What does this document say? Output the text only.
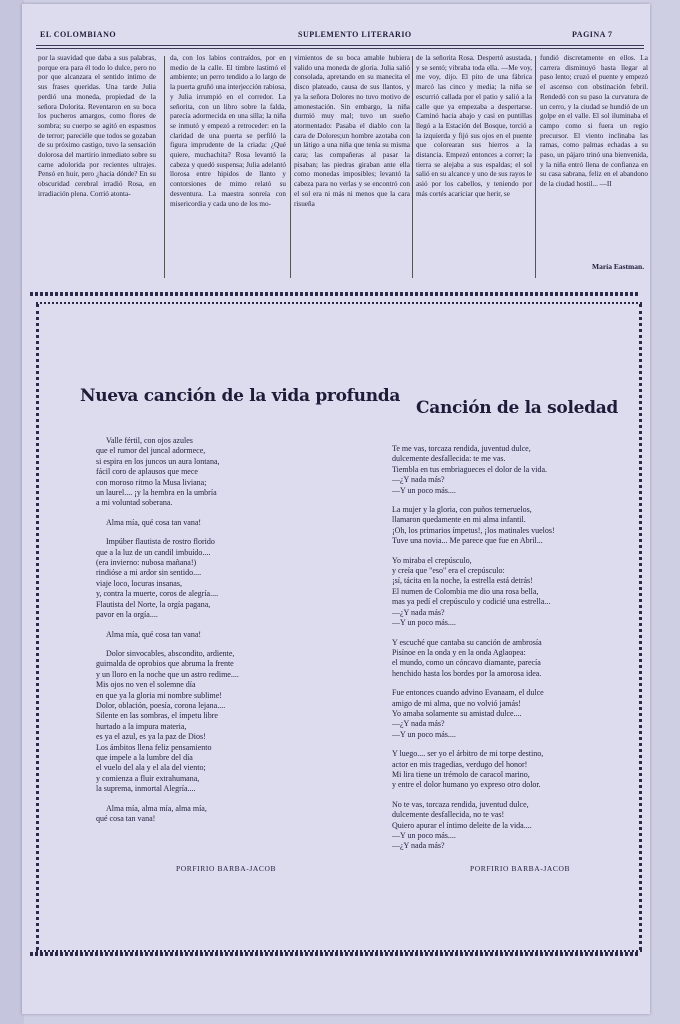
EL COLOMBIANO	SUPLEMENTO LITERARIO	PAGINA 7

por la suavidad que daba a sus palabras, porque era para él todo lo dulce, pero no por que alcanzara el sentido íntimo de sus frases queridas. Una tarde Julia perdió una moneda, propiedad de la señora Dolorita. Reventaron en su boca los pucheros amargos, como flores de sombra; su cuerpo se agitó en espasmos de terror; pareciéle que todos se gozaban de su próximo castigo, tuvo la sensación dolorosa del martirio inmediato sobre su carne adolorida por recientes ultrajes. Pensó en huir, pero ¿hacia dónde? En su obscuridad cerebral irradió Rosa, en irradiación plena. Corrió atonta-

da, con los labios contraídos, por en medio de la calle. El timbre lastimó el ambiente; un perro tendido a lo largo de la puerta gruñó una interjección rabiosa, y Julia irrumpió en el corredor. La señorita, con un libro sobre la falda, parecía adormecida en una silla; la niña se inmutó y empezó a retroceder: en la claridad de una puerta se perfiló la figura imprudente de la criada: ¿Qué quiere, muchachita? Rosa levantó la cabeza y quedó suspensa; Julia adelantó llorosa entre hipidos de llanto y contorsiones de mimo relató su desventura. La maestra sonreía con misericordia y cada uno de los mo-

vimientos de su boca amable hubiera valido una moneda de gloria. Julia salió consolada, apretando en su manecita el disco plateado, causa de sus llantos, y ya la señora Dolores no tuvo motivo de amonestación. Sin embargo, la niña durmió muy mal; tuvo un sueño atormentado: Pasaba el diablo con la cara de Dolores;un hombre azotaba con un látigo a una niña que tenía su misma cara; las compañeras al pasar la pisaban; las piedras giraban ante ella como monedas imposibles; levantó la cabeza para no verlas y se encontró con el sol era ni más ni menos que la cara risueña

de la señorita Rosa. Despertó asustada, y se sentó; vibraba toda ella. —Me voy, me voy, dijo. El pito de una fábrica marcó las cinco y media; la niña se escurrió callada por el patio y salió a la calle que ya empezaba a despertarse. Caminó hacia abajo y casi en puntillas llegó a la Estación del Bosque, torció a la izquierda y fijó sus ojos en el puente que colorearan sus hierros a la distancia. Empezó entonces a correr; la tierra se alejaba a sus espaldas; el sol salió en su alcance y uno de sus rayos le asió por los cabellos, y teniendo por más cortés acariciar que herir, se

fundió discretamente en ellos. La carrera disminuyó hasta llegar al paso lento; cruzó el puente y empezó el ascenso con obstinación febril. Rendedó con su paso la curvatura de un cerro, y la ciudad se hundió de un golpe en el valle. El sol iluminaba el campo como si fuera un regio precursor. El viento inclinaba las ramas, como palmas echadas a su paso, un pájaro trinó una bienvenida, y la niña entró llena de confianza en su casa sabrana, feliz en el abandono de la ciudad hostil... —II

María Eastman.
Nueva canción de la vida profunda
Valle fértil, con ojos azules
que el rumor del juncal adormece,
si espira en los juncos un aura lontana,
fácil coro de aplausos que mece
con moroso ritmo la Musa liviana;
un laurel.... ¡y la hembra en la umbría
a mi voluntad soberana.
Alma mía, qué cosa tan vana!
Impúber flautista de rostro florido
que a la luz de un candil imbuído....
(era invierno: nubosa mañana!)
rindióse a mi ardor sin sentido....
viaje loco, locuras insanas,
y, contra la muerte, coros de alegría....
Flautista del Norte, la orgía pagana,
pavor en la orgía....
Alma mía, qué cosa tan vana!
Dolor sinvocables, abscondito, ardiente,
guirnalda de oprobios que abruma la frente
y un lloro en la noche que un astro redime....
Mis ojos no ven el solemne día
en que ya la gloria mi nombre sublime!
Dolor, oblación, poesía, corona lejana....
Silente en las sombras, el ímpetu libre
hurtado a la impura materia,
es ya el azul, es ya la paz de Dios!
Los ámbitos llena feliz pensamiento
que impele a la lumbre del día
el vuelo del ala y el ala del viento;
y comienza a fluir extrahumana,
la suprema, inmortal Alegría....
Alma mía, alma mía, alma mía,
qué cosa tan vana!
PORFIRIO BARBA-JACOB
Canción de la soledad
Te me vas, torcaza rendida, juventud dulce,
dulcemente desfallecida: te me vas.
Tiembla en tus embriagueces el dolor de la vida.
—¿Y nada más?
—Y un poco más....
La mujer y la gloria, con puños terneruelos,
llamaron quedamente en mi alma infantil.
¡Oh, los primarios ímpetus!, ¡los matinales vuelos!
Tuve una novia... Me parece que fue en Abril...
Yo miraba el crepúsculo,
y creía que "eso" era el crepúsculo:
¡sí, tácita en la noche, la estrella está detrás!
El numen de Colombia me dio una rosa bella,
mas ya pedí el crepúsculo y codicié una estrella...
—¿Y nada más?
—Y un poco más....
Y escuché que cantaba su canción de ambrosía
Pisínoe en la onda y en la onda Aglaopea:
el mundo, como un cóncavo diamante, parecía
henchido hasta los bordes por la amorosa idea.
Fue entonces cuando advino Evanaam, el dulce
amigo de mi alma, que no volvió jamás!
Yo amaba solamente su amistad dulce....
—¿Y nada más?
—Y un poco más....
Y luego.... ser yo el árbitro de mi torpe destino,
actor en mis tragedias, verdugo del honor!
Mi lira tiene un trémolo de caracol marino,
y entre el dolor humano yo expreso otro dolor.
No te vas, torcaza rendida, juventud dulce,
dulcemente desfallecida, no te vas!
Quiero apurar el íntimo deleite de la vida....
—Y un poco más....
—¿Y nada más?
PORFIRIO BARBA-JACOB
